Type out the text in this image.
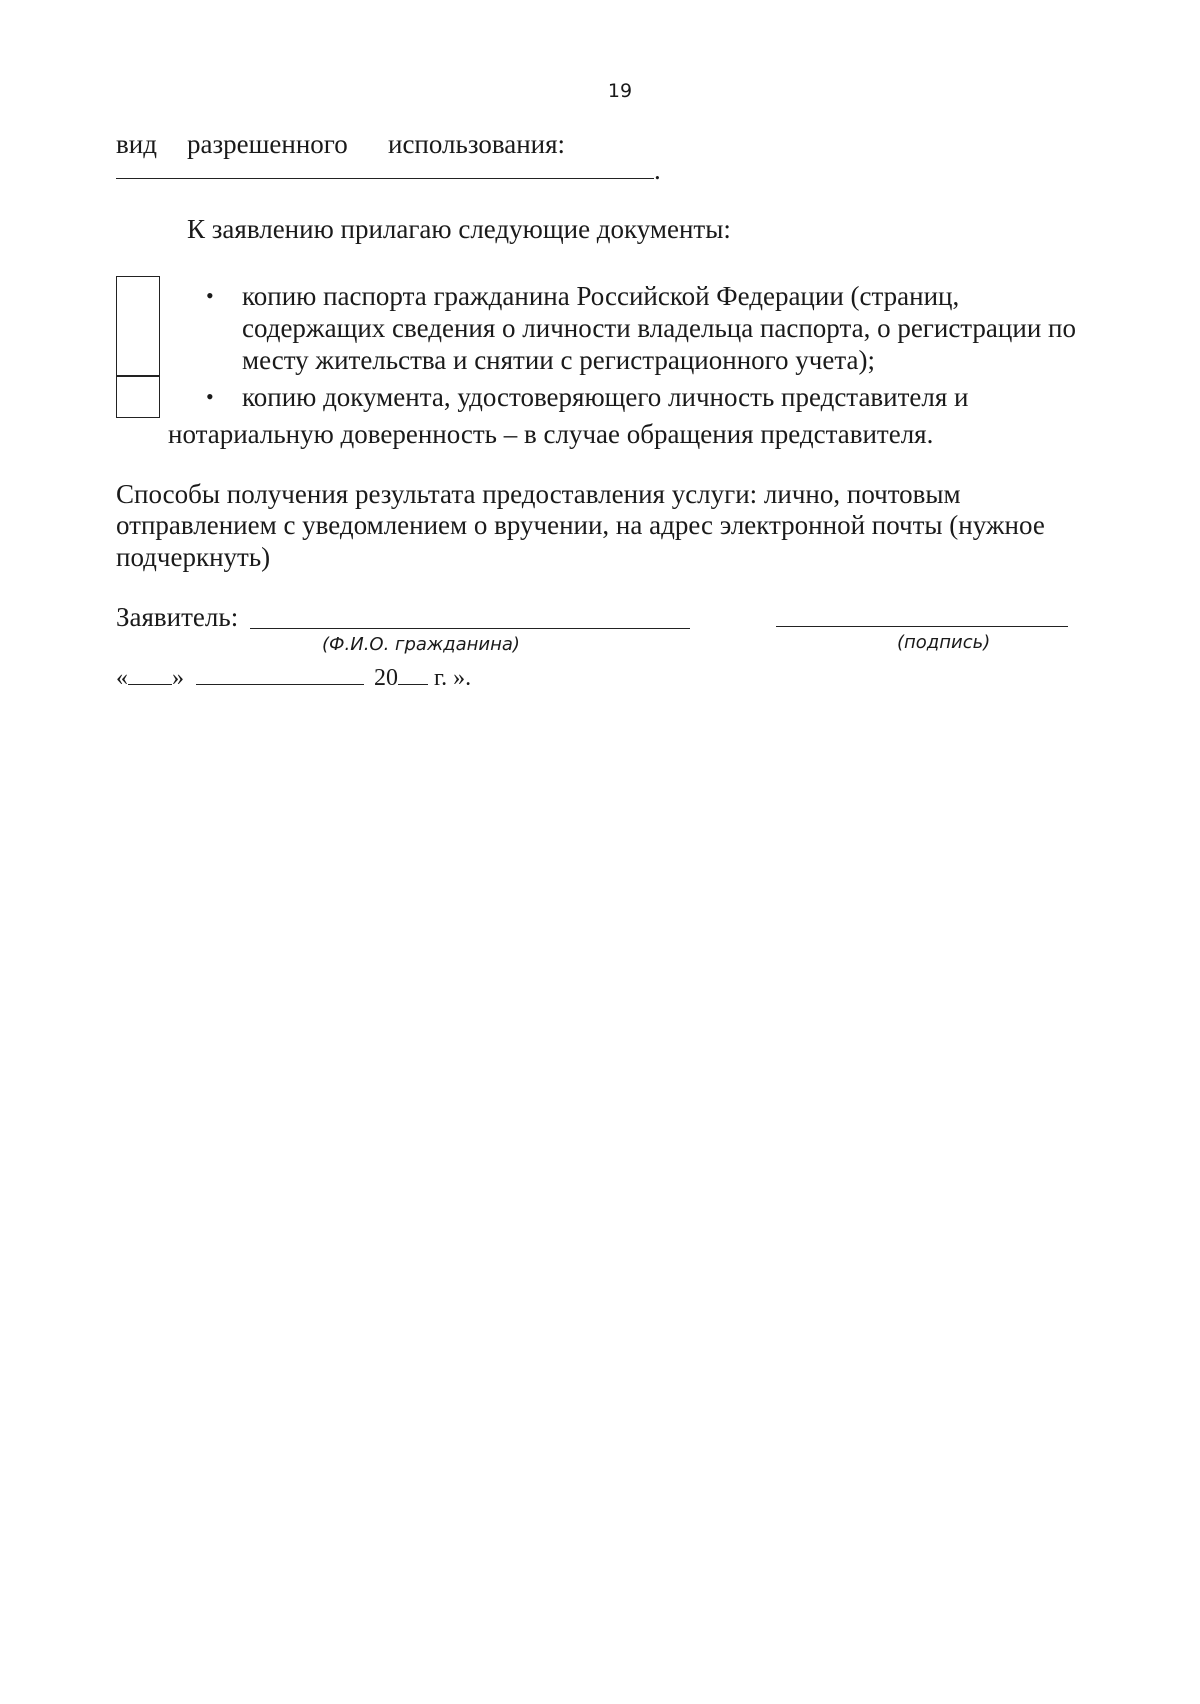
19
вид разрешенного использования:
.
К заявлению прилагаю следующие документы:
• копию паспорта гражданина Российской Федерации (страниц,
содержащих сведения о личности владельца паспорта, о регистрации по
месту жительства и снятии с регистрационного учета);
• копию документа, удостоверяющего личность представителя и
нотариальную доверенность – в случае обращения представителя.
Способы получения результата предоставления услуги: лично, почтовым
отправлением с уведомлением о вручении, на адрес электронной почты (нужное
подчеркнуть)
Заявитель:
(Ф.И.О. гражданина)	(подпись)
« »	20 г. ».
